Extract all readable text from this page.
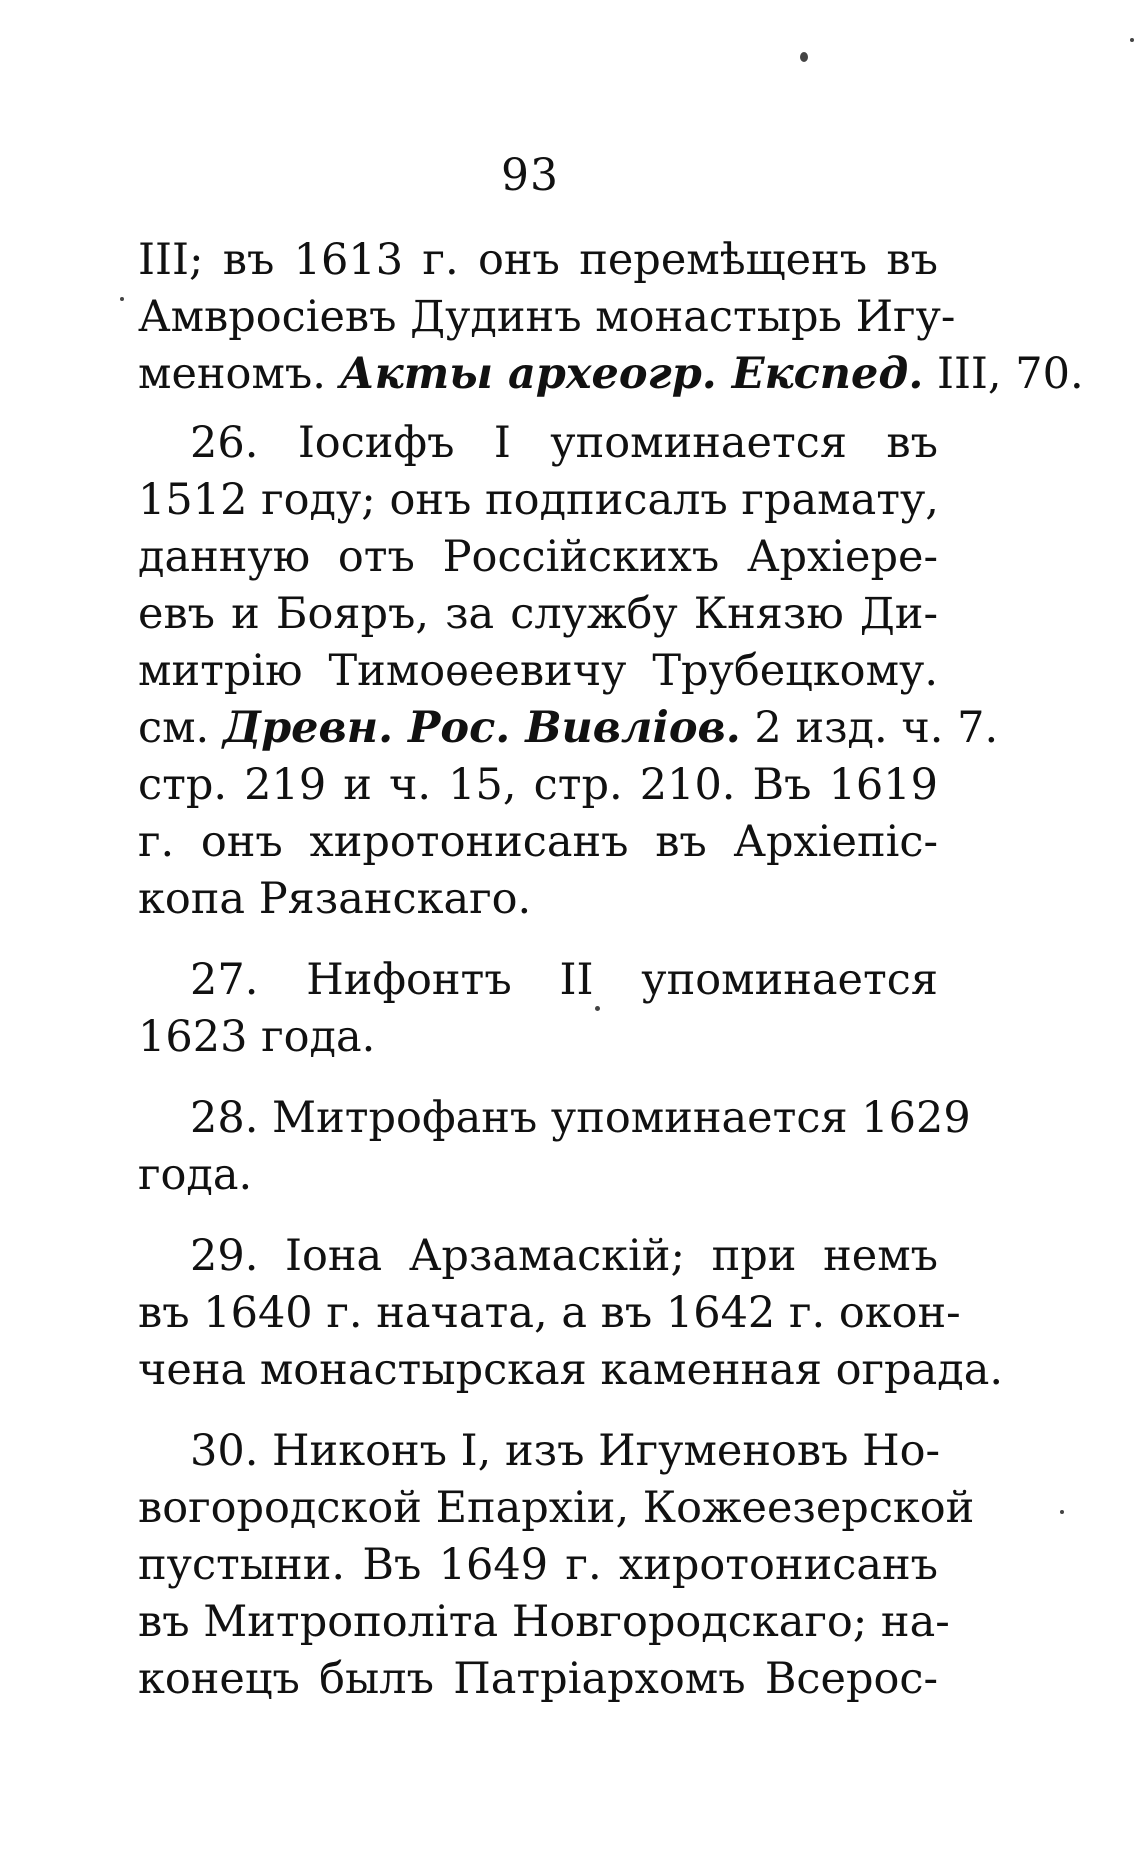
93
III; въ 1613 г. онъ перемѣщенъ въ
Амвросіевъ Дудинъ монастырь Игу-
меномъ. Акты археогр. Експед. III, 70.
26. Іосифъ I упоминается въ
1512 году; онъ подписалъ грамату,
данную отъ Россійскихъ Архіере-
евъ и Бояръ, за службу Князю Ди-
митрію Тимоѳеевичу Трубецкому.
см. Древн. Рос. Вивліов. 2 изд. ч. 7.
стр. 219 и ч. 15, стр. 210. Въ 1619
г. онъ хиротонисанъ въ Архіепіс-
копа Рязанскаго.
27. Нифонтъ II упоминается
1623 года.
28. Митрофанъ упоминается 1629
года.
29. Іона Арзамаскій; при немъ
въ 1640 г. начата, а въ 1642 г. окон-
чена монастырская каменная ограда.
30. Никонъ I, изъ Игуменовъ Но-
вогородской Епархіи, Кожеезерской
пустыни. Въ 1649 г. хиротонисанъ
въ Митрополіта Новгородскаго; на-
конецъ былъ Патріархомъ Всерос-
